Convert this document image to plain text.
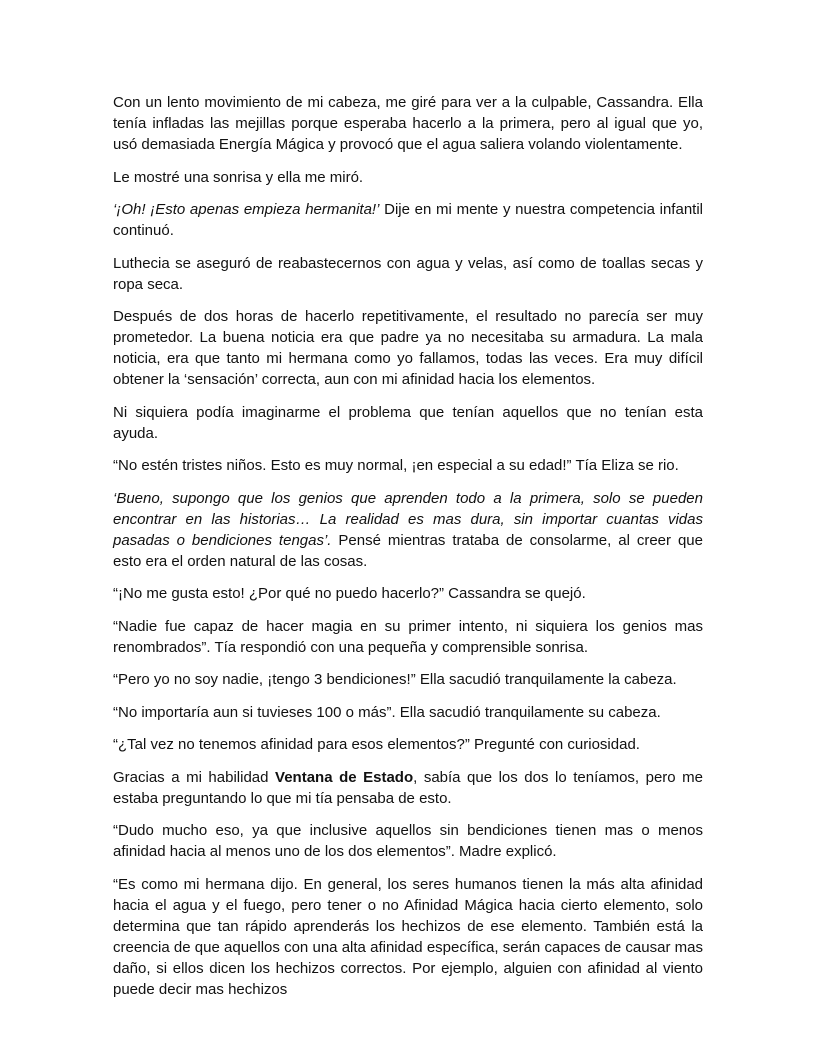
Con un lento movimiento de mi cabeza, me giré para ver a la culpable, Cassandra. Ella tenía infladas las mejillas porque esperaba hacerlo a la primera, pero al igual que yo, usó demasiada Energía Mágica y provocó que el agua saliera volando violentamente.

Le mostré una sonrisa y ella me miró.

‘¡Oh! ¡Esto apenas empieza hermanita!’ Dije en mi mente y nuestra competencia infantil continuó.

Luthecia se aseguró de reabastecernos con agua y velas, así como de toallas secas y ropa seca.

Después de dos horas de hacerlo repetitivamente, el resultado no parecía ser muy prometedor. La buena noticia era que padre ya no necesitaba su armadura. La mala noticia, era que tanto mi hermana como yo fallamos, todas las veces. Era muy difícil obtener la ‘sensación’ correcta, aun con mi afinidad hacia los elementos.

Ni siquiera podía imaginarme el problema que tenían aquellos que no tenían esta ayuda.

“No estén tristes niños. Esto es muy normal, ¡en especial a su edad!” Tía Eliza se rio.

‘Bueno, supongo que los genios que aprenden todo a la primera, solo se pueden encontrar en las historias… La realidad es mas dura, sin importar cuantas vidas pasadas o bendiciones tengas’. Pensé mientras trataba de consolarme, al creer que esto era el orden natural de las cosas.

“¡No me gusta esto! ¿Por qué no puedo hacerlo?” Cassandra se quejó.

“Nadie fue capaz de hacer magia en su primer intento, ni siquiera los genios mas renombrados”. Tía respondió con una pequeña y comprensible sonrisa.

“Pero yo no soy nadie, ¡tengo 3 bendiciones!” Ella sacudió tranquilamente la cabeza.

“No importaría aun si tuvieses 100 o más”. Ella sacudió tranquilamente su cabeza.

“¿Tal vez no tenemos afinidad para esos elementos?” Pregunté con curiosidad.

Gracias a mi habilidad Ventana de Estado, sabía que los dos lo teníamos, pero me estaba preguntando lo que mi tía pensaba de esto.

“Dudo mucho eso, ya que inclusive aquellos sin bendiciones tienen mas o menos afinidad hacia al menos uno de los dos elementos”. Madre explicó.

“Es como mi hermana dijo. En general, los seres humanos tienen la más alta afinidad hacia el agua y el fuego, pero tener o no Afinidad Mágica hacia cierto elemento, solo determina que tan rápido aprenderás los hechizos de ese elemento. También está la creencia de que aquellos con una alta afinidad específica, serán capaces de causar mas daño, si ellos dicen los hechizos correctos. Por ejemplo, alguien con afinidad al viento puede decir mas hechizos
